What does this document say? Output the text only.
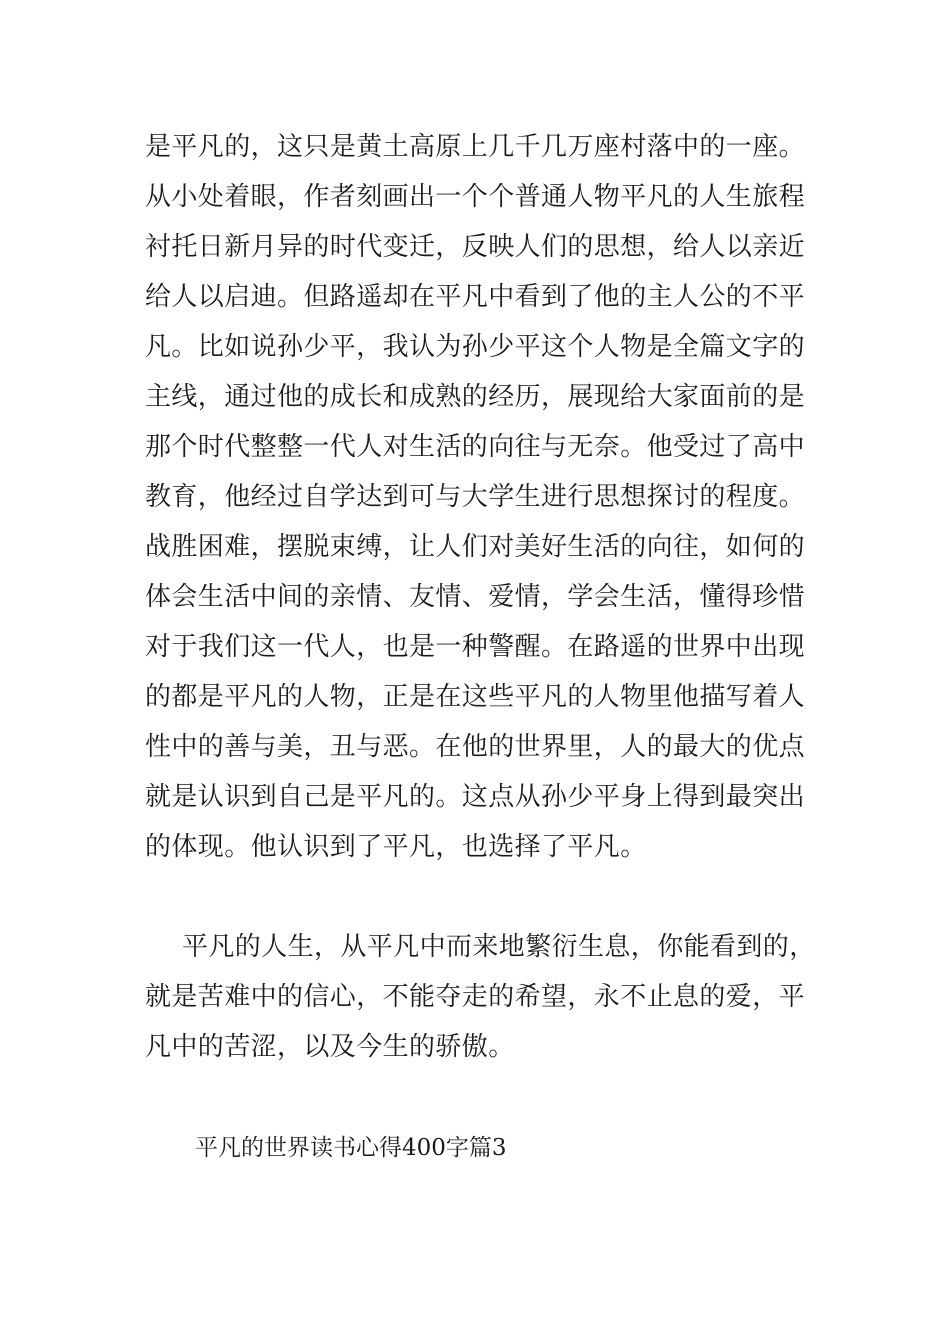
是平凡的，这只是黄土高原上几千几万座村落中的一座。
从小处着眼，作者刻画出一个个普通人物平凡的人生旅程
衬托日新月异的时代变迁，反映人们的思想，给人以亲近
给人以启迪。但路遥却在平凡中看到了他的主人公的不平
凡。比如说孙少平，我认为孙少平这个人物是全篇文字的
主线，通过他的成长和成熟的经历，展现给大家面前的是
那个时代整整一代人对生活的向往与无奈。他受过了高中
教育，他经过自学达到可与大学生进行思想探讨的程度。
战胜困难，摆脱束缚，让人们对美好生活的向往，如何的
体会生活中间的亲情、友情、爱情，学会生活，懂得珍惜
对于我们这一代人，也是一种警醒。在路遥的世界中出现
的都是平凡的人物，正是在这些平凡的人物里他描写着人
性中的善与美，丑与恶。在他的世界里，人的最大的优点
就是认识到自己是平凡的。这点从孙少平身上得到最突出
的体现。他认识到了平凡，也选择了平凡。
平凡的人生，从平凡中而来地繁衍生息，你能看到的，
就是苦难中的信心，不能夺走的希望，永不止息的爱，平
凡中的苦涩，以及今生的骄傲。
平凡的世界读书心得400字篇3
